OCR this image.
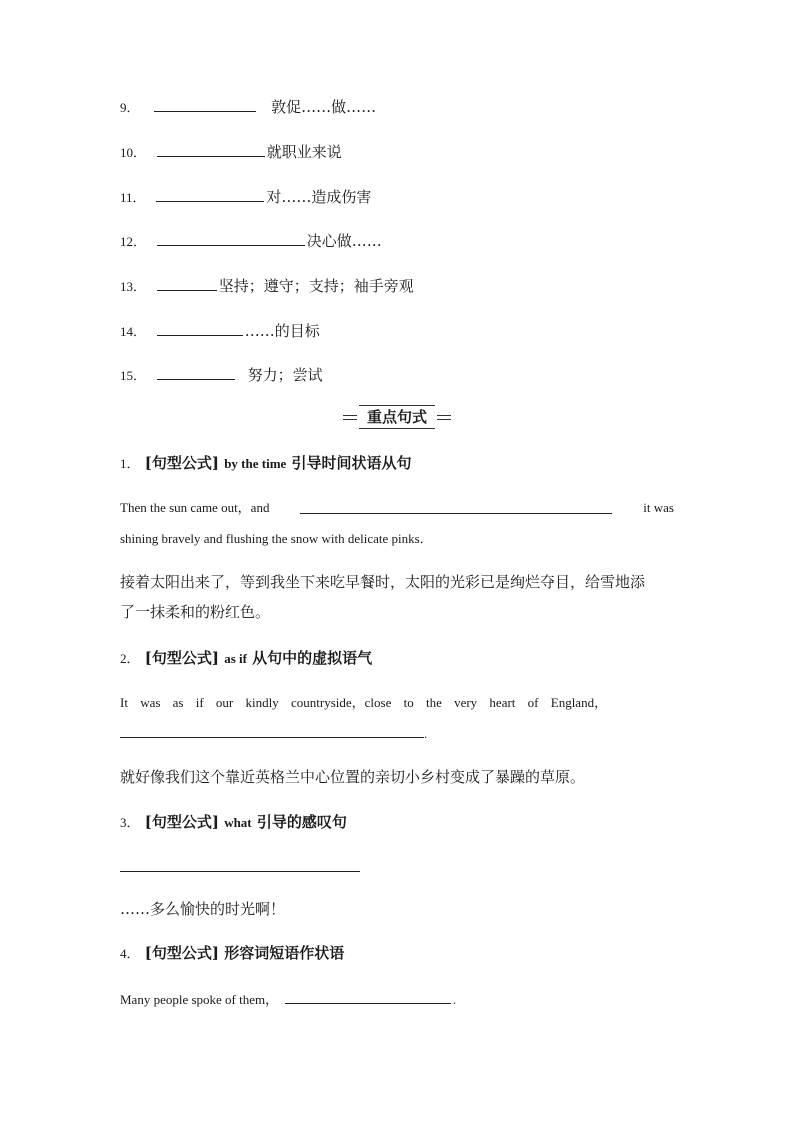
9．	敦促……做……
10．	就职业来说
11．	对……造成伤害
12．	决心做……
13．	坚持；遵守；支持；袖手旁观
14．	……的目标
15．	努力；尝试
重点句式
1． [句型公式] by the time 引导时间状语从句
Then the sun came out，and	it was
shining bravely and flushing the snow with delicate pinks．
接着太阳出来了，等到我坐下来吃早餐时，太阳的光彩已是绚烂夺目，给雪地添
了一抹柔和的粉红色。
2． [句型公式] as if 从句中的虚拟语气
It was as if our kindly countryside，close to the very heart of England，
.
就好像我们这个靠近英格兰中心位置的亲切小乡村变成了暴躁的草原。
3． [句型公式] what 引导的感叹句
……多么愉快的时光啊！
4． [句型公式] 形容词短语作状语
Many people spoke of them，	.
